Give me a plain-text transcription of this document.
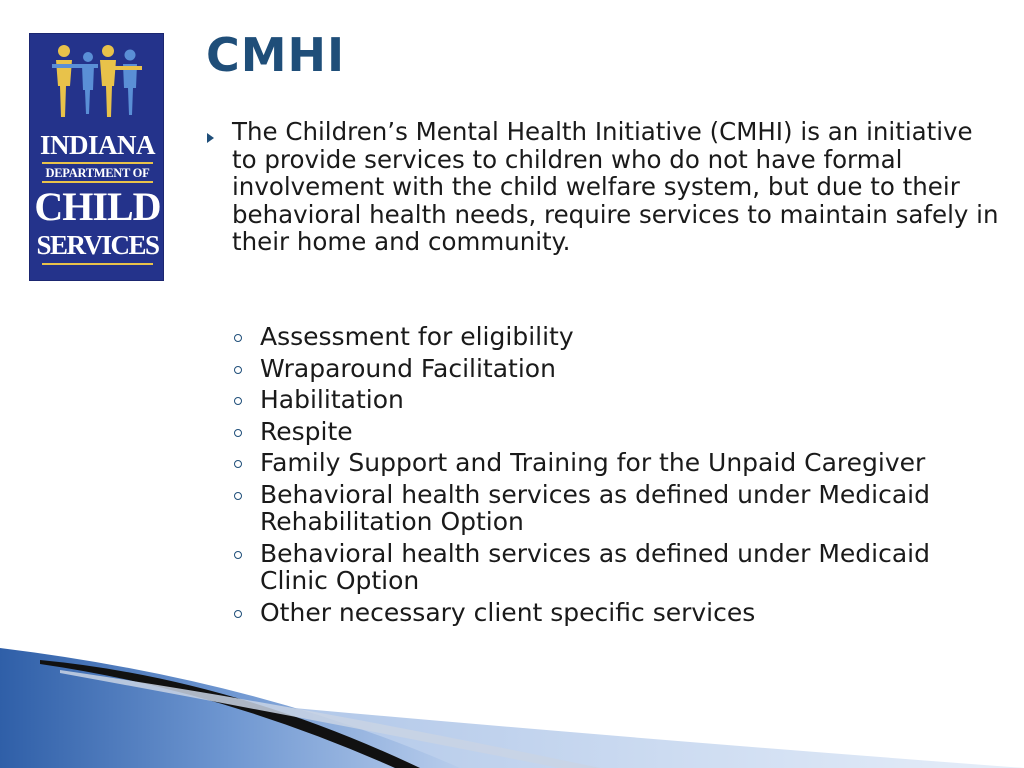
INDIANA
DEPARTMENT OF
CHILD
SERVICES
CMHI
The Children’s Mental Health Initiative (CMHI) is an initiative to provide services to children who do not have formal involvement with the child welfare system, but due to their behavioral health needs, require services to maintain safely in their home and community.
Assessment for eligibility
Wraparound Facilitation
Habilitation
Respite
Family Support and Training for the Unpaid Caregiver
Behavioral health services as defined under Medicaid Rehabilitation Option
Behavioral health services as defined under Medicaid Clinic Option
Other necessary client specific services
